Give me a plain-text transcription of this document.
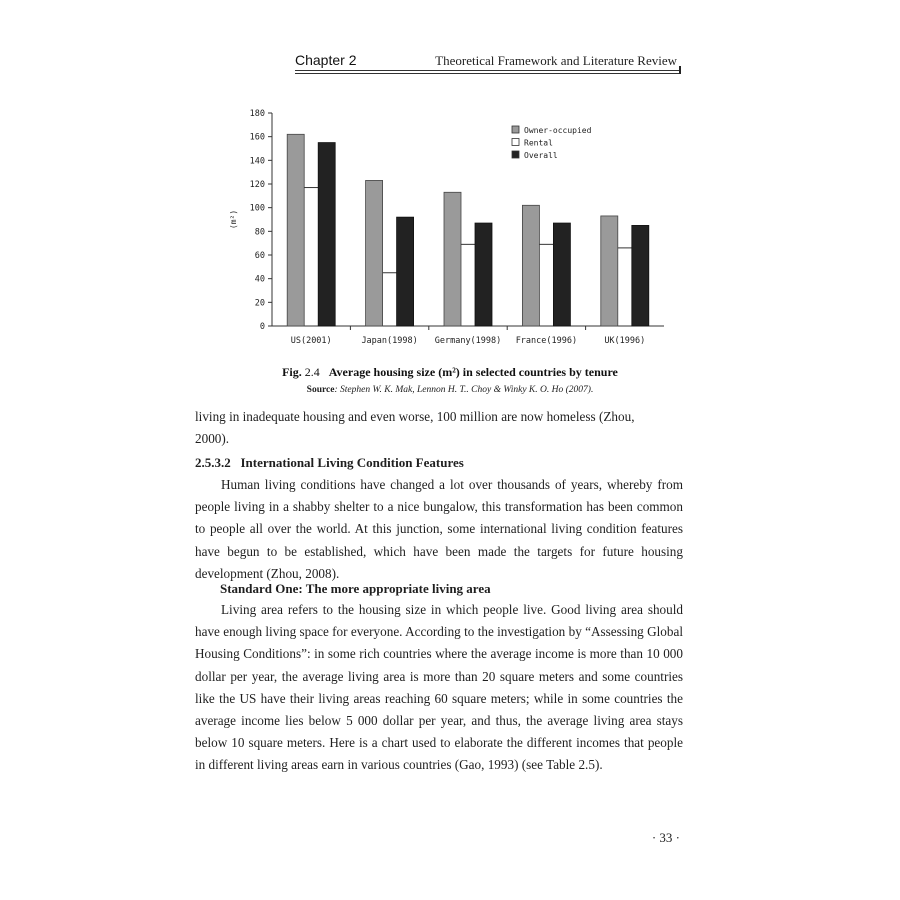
Chapter 2	Theoretical Framework and Literature Review
0
20
40
60
80
100
120
140
160
180
(m²)
US(2001)	Japan(1998) Germany(1998) France(1996)	UK(1996)
Owner-occupied
Rental
Overall
Fig. 2.4 Average housing size (m²) in selected countries by tenure
Source: Stephen W. K. Mak, Lennon H. T.. Choy & Winky K. O. Ho (2007).
living in inadequate housing and even worse, 100 million are now homeless (Zhou,
2000).
2.5.3.2 International Living Condition Features
Human living conditions have changed a lot over thousands of years, whereby from people living in a shabby shelter to a nice bungalow, this transformation has been common to people all over the world. At this junction, some international living condition features have begun to be established, which have been made the targets for future housing development (Zhou, 2008).
Standard One: The more appropriate living area
Living area refers to the housing size in which people live. Good living area should have enough living space for everyone. According to the investigation by “Assessing Global Housing Conditions”: in some rich countries where the average income is more than 10 000 dollar per year, the average living area is more than 20 square meters and some countries like the US have their living areas reaching 60 square meters; while in some countries the average income lies below 5 000 dollar per year, and thus, the average living area stays below 10 square meters. Here is a chart used to elaborate the different incomes that people in different living areas earn in various countries (Gao, 1993) (see Table 2.5).
· 33 ·
